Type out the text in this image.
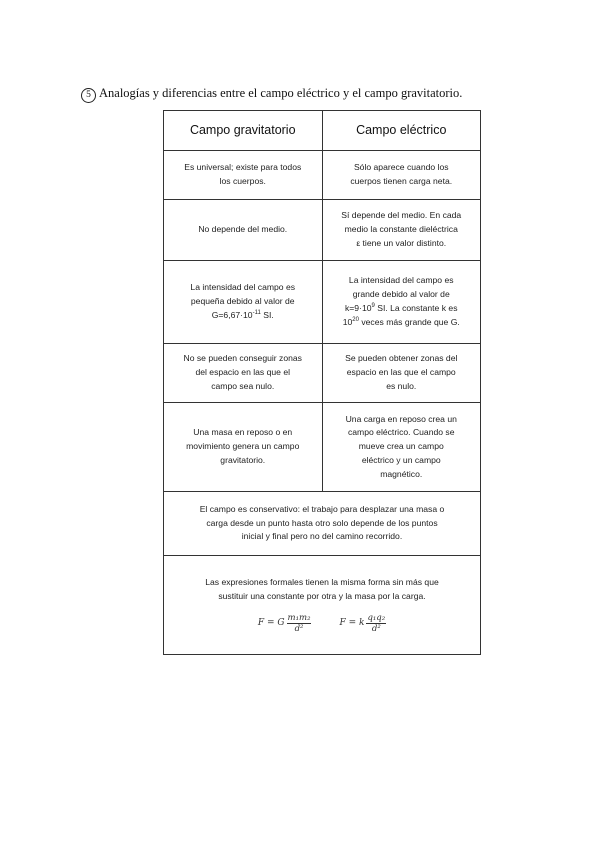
5 Analogías y diferencias entre el campo eléctrico y el campo gravitatorio.
Campo gravitatorio	Campo eléctrico
Es universal; existe para todos
los cuerpos.
Sólo aparece cuando los
cuerpos tienen carga neta.
No depende del medio.
Sí depende del medio. En cada
medio la constante dieléctrica
ε tiene un valor distinto.
La intensidad del campo es
pequeña debido al valor de
$G=6,67\cdot 10^{-11}$ SI.
La intensidad del campo es
grande debido al valor de
$k=9\cdot 10^9$ SI. La constante k es
$10^{20}$ veces más grande que G.
No se pueden conseguir zonas
del espacio en las que el
campo sea nulo.
Se pueden obtener zonas del
espacio en las que el campo
es nulo.
Una masa en reposo o en
movimiento genera un campo
gravitatorio.
Una carga en reposo crea un
campo eléctrico. Cuando se
mueve crea un campo
eléctrico y un campo
magnético.
El campo es conservativo: el trabajo para desplazar una masa o
carga desde un punto hasta otro solo depende de los puntos
inicial y final pero no del camino recorrido.
Las expresiones formales tienen la misma forma sin más que
sustituir una constante por otra y la masa por la carga.
F = G $\frac{\text{m₁m₂}}{\text{d²}}$	F = k $\frac{\text{q₁q₂}}{\text{d²}}$
